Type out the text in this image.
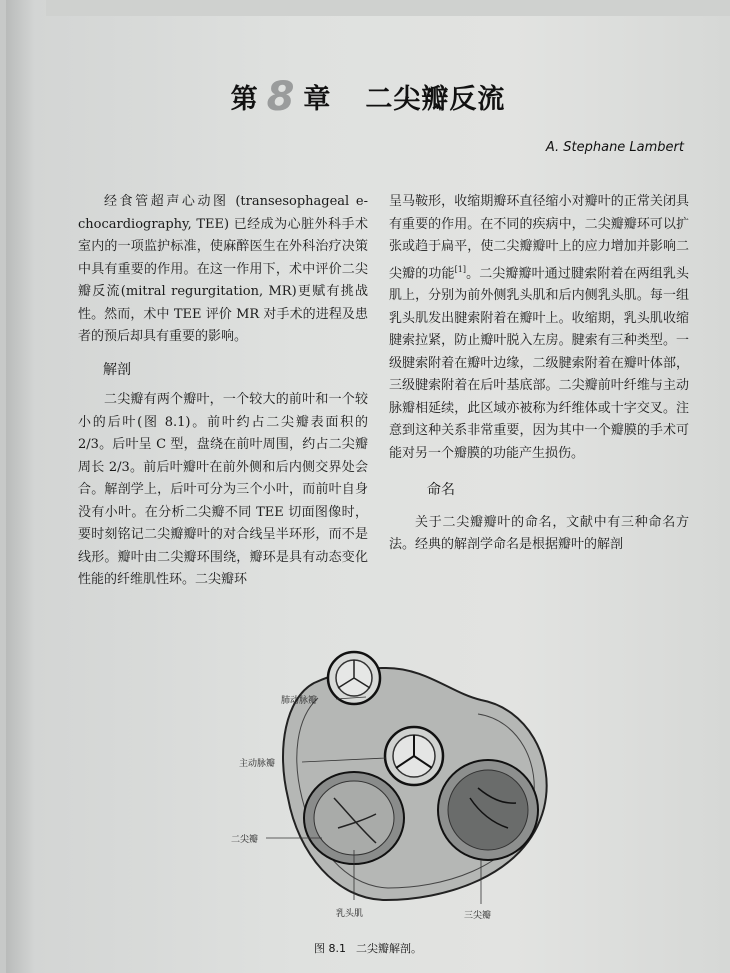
第 8 章 二尖瓣反流
A. Stephane Lambert

经食管超声心动图 (transesophageal e-chocardiography, TEE) 已经成为心脏外科手术室内的一项监护标准，使麻醉医生在外科治疗决策中具有重要的作用。在这一作用下，术中评价二尖瓣反流(mitral regurgitation, MR)更赋有挑战性。然而，术中 TEE 评价 MR 对手术的进程及患者的预后却具有重要的影响。

解剖

二尖瓣有两个瓣叶，一个较大的前叶和一个较小的后叶(图 8.1)。前叶约占二尖瓣表面积的 2/3。后叶呈 C 型，盘绕在前叶周围，约占二尖瓣周长 2/3。前后叶瓣叶在前外侧和后内侧交界处会合。解剖学上，后叶可分为三个小叶，而前叶自身没有小叶。在分析二尖瓣不同 TEE 切面图像时，要时刻铭记二尖瓣瓣叶的对合线呈半环形，而不是线形。瓣叶由二尖瓣环围绕，瓣环是具有动态变化性能的纤维肌性环。二尖瓣环

呈马鞍形，收缩期瓣环直径缩小对瓣叶的正常关闭具有重要的作用。在不同的疾病中，二尖瓣瓣环可以扩张或趋于扁平，使二尖瓣瓣叶上的应力增加并影响二尖瓣的功能[1]。二尖瓣瓣叶通过腱索附着在两组乳头肌上，分别为前外侧乳头肌和后内侧乳头肌。每一组乳头肌发出腱索附着在瓣叶上。收缩期，乳头肌收缩腱索拉紧，防止瓣叶脱入左房。腱索有三种类型。一级腱索附着在瓣叶边缘，二级腱索附着在瓣叶体部，三级腱索附着在后叶基底部。二尖瓣前叶纤维与主动脉瓣相延续，此区域亦被称为纤维体或十字交叉。注意到这种关系非常重要，因为其中一个瓣膜的手术可能对另一个瓣膜的功能产生损伤。

命名

关于二尖瓣瓣叶的命名，文献中有三种命名方法。经典的解剖学命名是根据瓣叶的解剖

肺动脉瓣
主动脉瓣
二尖瓣
乳头肌	三尖瓣
图 8.1 二尖瓣解剖。
